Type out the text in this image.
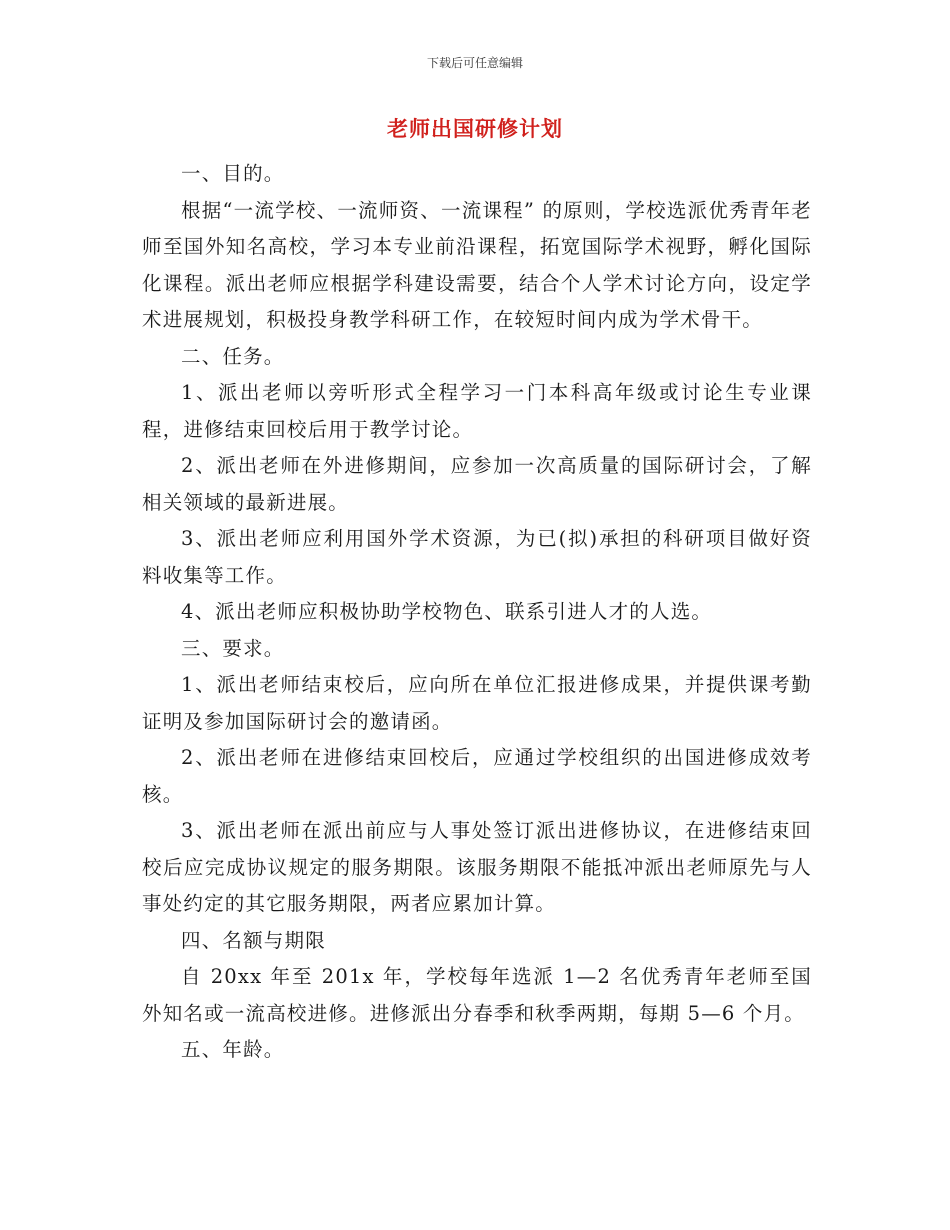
下载后可任意编辑
老师出国研修计划

一、目的。

根据“一流学校、一流师资、一流课程” 的原则，学校选派优秀青年老师至国外知名高校，学习本专业前沿课程，拓宽国际学术视野，孵化国际化课程。派出老师应根据学科建设需要，结合个人学术讨论方向，设定学术进展规划，积极投身教学科研工作，在较短时间内成为学术骨干。

二、任务。

1、派出老师以旁听形式全程学习一门本科高年级或讨论生专业课程，进修结束回校后用于教学讨论。

2、派出老师在外进修期间，应参加一次高质量的国际研讨会，了解相关领域的最新进展。

3、派出老师应利用国外学术资源，为已(拟)承担的科研项目做好资料收集等工作。

4、派出老师应积极协助学校物色、联系引进人才的人选。

三、要求。

1、派出老师结束校后，应向所在单位汇报进修成果，并提供课考勤证明及参加国际研讨会的邀请函。

2、派出老师在进修结束回校后，应通过学校组织的出国进修成效考核。

3、派出老师在派出前应与人事处签订派出进修协议，在进修结束回校后应完成协议规定的服务期限。该服务期限不能抵冲派出老师原先与人事处约定的其它服务期限，两者应累加计算。

四、名额与期限

自 20xx 年至 201x 年，学校每年选派 1—2 名优秀青年老师至国外知名或一流高校进修。进修派出分春季和秋季两期，每期 5—6 个月。

五、年龄。
